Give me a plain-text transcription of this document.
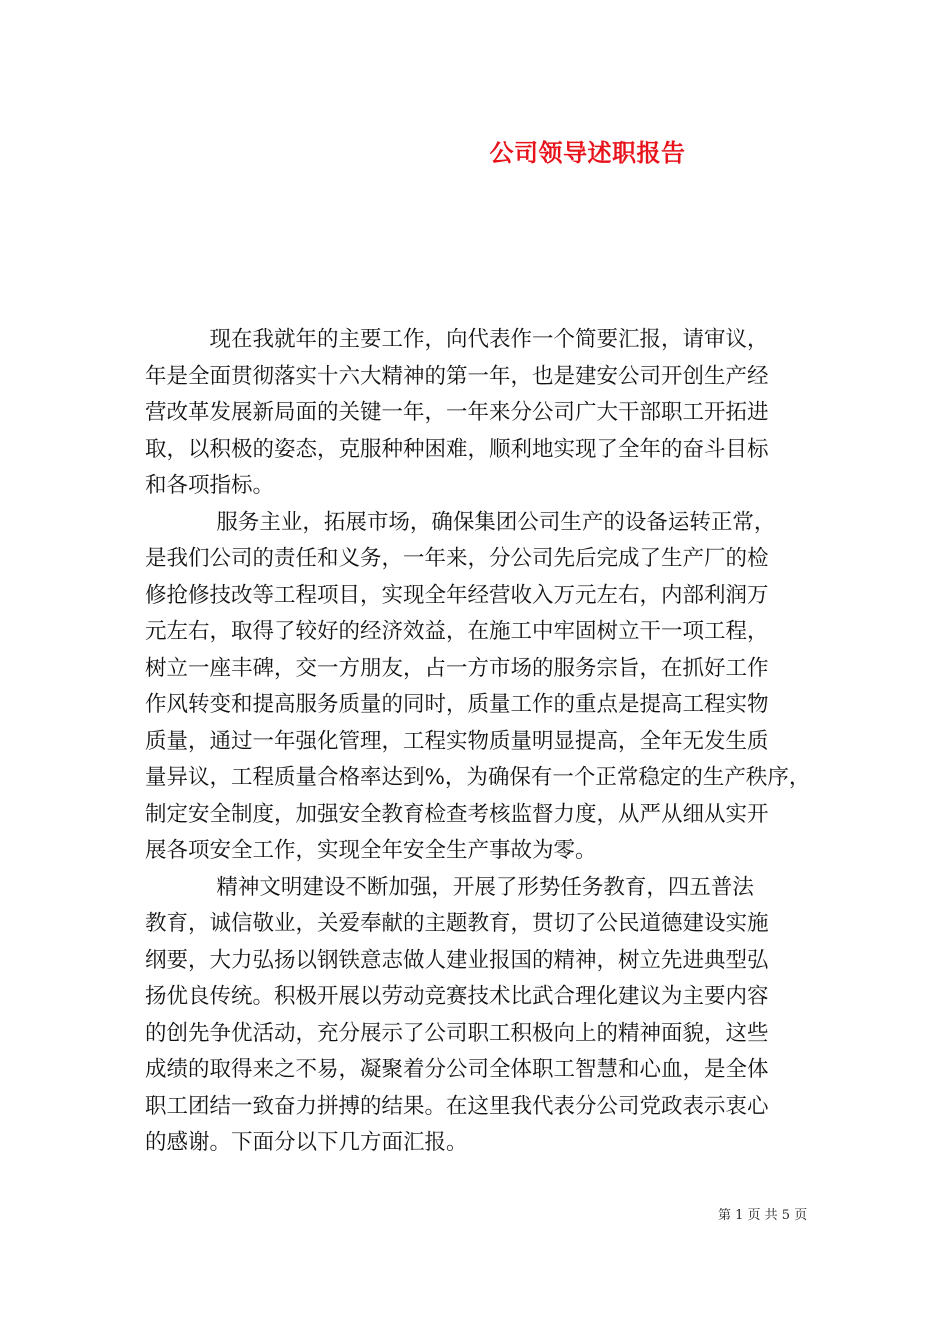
公司领导述职报告
　　　现在我就年的主要工作，向代表作一个简要汇报，请审议，
年是全面贯彻落实十六大精神的第一年，也是建安公司开创生产经
营改革发展新局面的关键一年，一年来分公司广大干部职工开拓进
取，以积极的姿态，克服种种困难，顺利地实现了全年的奋斗目标
和各项指标。
　　　 服务主业，拓展市场，确保集团公司生产的设备运转正常，
是我们公司的责任和义务，一年来，分公司先后完成了生产厂的检
修抢修技改等工程项目，实现全年经营收入万元左右，内部利润万
元左右，取得了较好的经济效益，在施工中牢固树立干一项工程，
树立一座丰碑，交一方朋友，占一方市场的服务宗旨，在抓好工作
作风转变和提高服务质量的同时，质量工作的重点是提高工程实物
质量，通过一年强化管理，工程实物质量明显提高，全年无发生质
量异议，工程质量合格率达到%，为确保有一个正常稳定的生产秩序，
制定安全制度，加强安全教育检查考核监督力度，从严从细从实开
展各项安全工作，实现全年安全生产事故为零。
　　　 精神文明建设不断加强，开展了形势任务教育，四五普法
教育，诚信敬业，关爱奉献的主题教育，贯切了公民道德建设实施
纲要，大力弘扬以钢铁意志做人建业报国的精神，树立先进典型弘
扬优良传统。积极开展以劳动竞赛技术比武合理化建议为主要内容
的创先争优活动，充分展示了公司职工积极向上的精神面貌，这些
成绩的取得来之不易，凝聚着分公司全体职工智慧和心血，是全体
职工团结一致奋力拼搏的结果。在这里我代表分公司党政表示衷心
的感谢。下面分以下几方面汇报。
第 1 页 共 5 页
